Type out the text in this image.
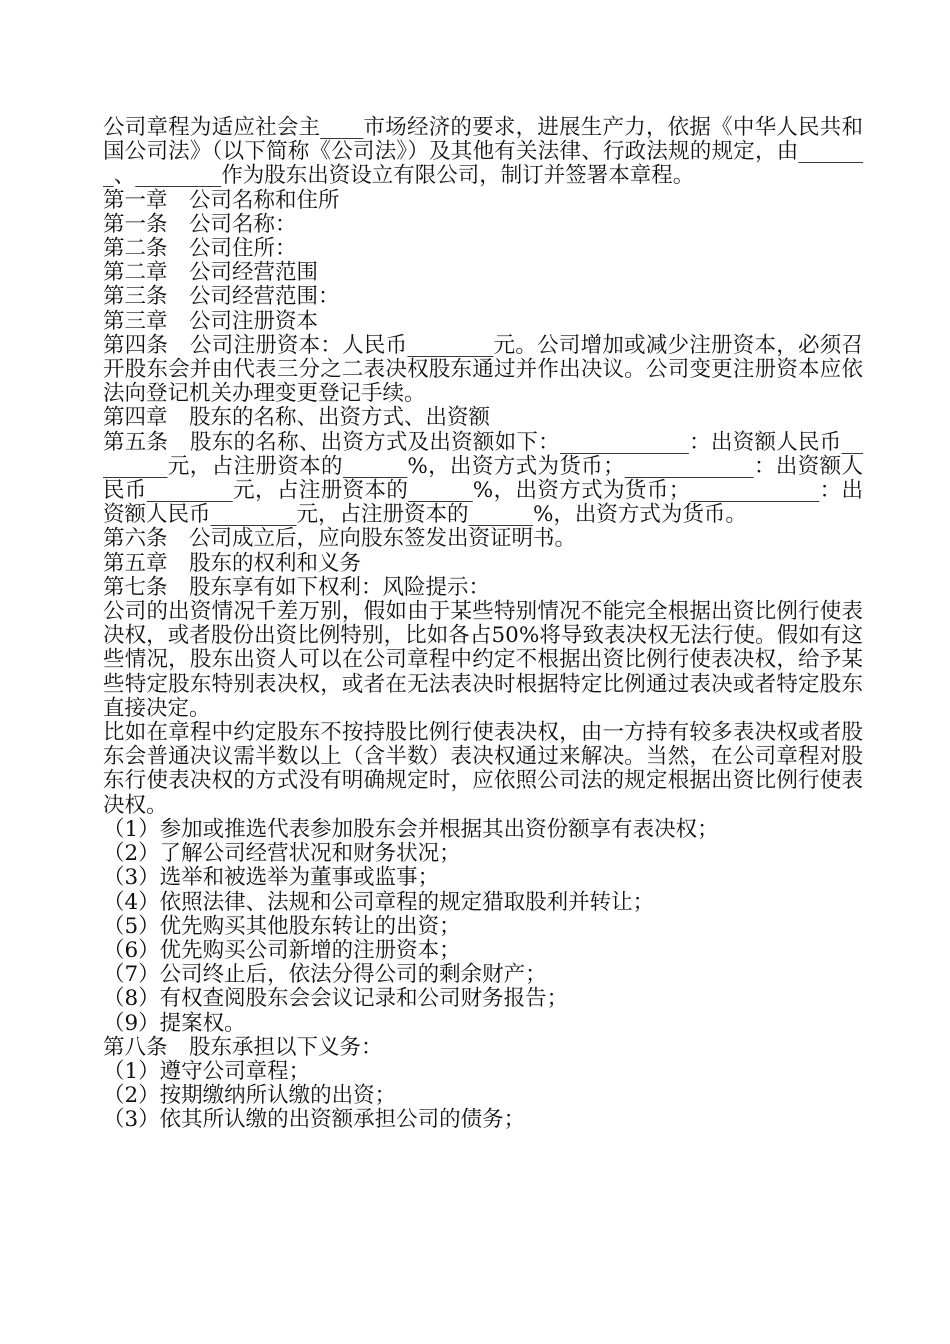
公司章程为适应社会主____市场经济的要求，进展生产力，依据《中华人民共和国公司法》（以下简称《公司法》）及其他有关法律、行政法规的规定，由_______、________作为股东出资设立有限公司，制订并签署本章程。

第一章　公司名称和住所

第一条　公司名称：

第二条　公司住所：

第二章　公司经营范围

第三条　公司经营范围：

第三章　公司注册资本

第四条　公司注册资本：人民币________元。公司增加或减少注册资本，必须召开股东会并由代表三分之二表决权股东通过并作出决议。公司变更注册资本应依法向登记机关办理变更登记手续。

第四章　股东的名称、出资方式、出资额

第五条　股东的名称、出资方式及出资额如下：____________：出资额人民币________元，占注册资本的______%，出资方式为货币；____________：出资额人民币________元，占注册资本的______%，出资方式为货币；____________：出资额人民币________元，占注册资本的______%，出资方式为货币。

第六条　公司成立后，应向股东签发出资证明书。

第五章　股东的权利和义务

第七条　股东享有如下权利：风险提示：

公司的出资情况千差万别，假如由于某些特别情况不能完全根据出资比例行使表决权，或者股份出资比例特别，比如各占50%将导致表决权无法行使。假如有这些情况，股东出资人可以在公司章程中约定不根据出资比例行使表决权，给予某些特定股东特别表决权，或者在无法表决时根据特定比例通过表决或者特定股东直接决定。

比如在章程中约定股东不按持股比例行使表决权，由一方持有较多表决权或者股东会普通决议需半数以上（含半数）表决权通过来解决。当然，在公司章程对股东行使表决权的方式没有明确规定时，应依照公司法的规定根据出资比例行使表决权。

（1）参加或推选代表参加股东会并根据其出资份额享有表决权；

（2）了解公司经营状况和财务状况；

（3）选举和被选举为董事或监事；

（4）依照法律、法规和公司章程的规定猎取股利并转让；

（5）优先购买其他股东转让的出资；

（6）优先购买公司新增的注册资本；

（7）公司终止后，依法分得公司的剩余财产；

（8）有权查阅股东会会议记录和公司财务报告；

（9）提案权。

第八条　股东承担以下义务：

（1）遵守公司章程；

（2）按期缴纳所认缴的出资；

（3）依其所认缴的出资额承担公司的债务；
